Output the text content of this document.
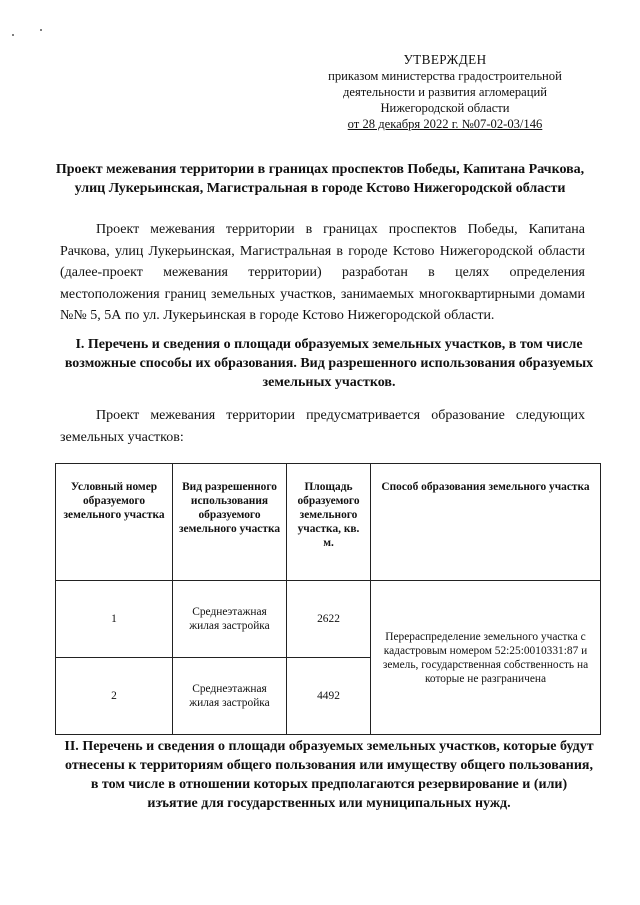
УТВЕРЖДЕН
приказом министерства градостроительной
деятельности и развития агломераций
Нижегородской области
от 28 декабря 2022 г. №07-02-03/146
Проект межевания территории в границах проспектов Победы, Капитана Рачкова, улиц Лукерьинская, Магистральная в городе Кстово Нижегородской области
Проект межевания территории в границах проспектов Победы, Капитана Рачкова, улиц Лукерьинская, Магистральная в городе Кстово Нижегородской области (далее-проект межевания территории) разработан в целях определения местоположения границ земельных участков, занимаемых многоквартирными домами №№ 5, 5А по ул. Лукерьинская в городе Кстово Нижегородской области.
I. Перечень и сведения о площади образуемых земельных участков, в том числе возможные способы их образования. Вид разрешенного использования образуемых земельных участков.
Проект межевания территории предусматривается образование следующих земельных участков:
Условный номер образуемого земельного участка	Вид разрешенного использования образуемого земельного участка	Площадь образуемого земельного участка, кв. м.	Способ образования земельного участка
1	Среднеэтажная жилая застройка	2622	Перераспределение земельного участка с кадастровым номером 52:25:0010331:87 и земель, государственная собственность на которые не разграничена
2	Среднеэтажная жилая застройка	4492	
II. Перечень и сведения о площади образуемых земельных участков, которые будут отнесены к территориям общего пользования или имуществу общего пользования, в том числе в отношении которых предполагаются резервирование и (или) изъятие для государственных или муниципальных нужд.
